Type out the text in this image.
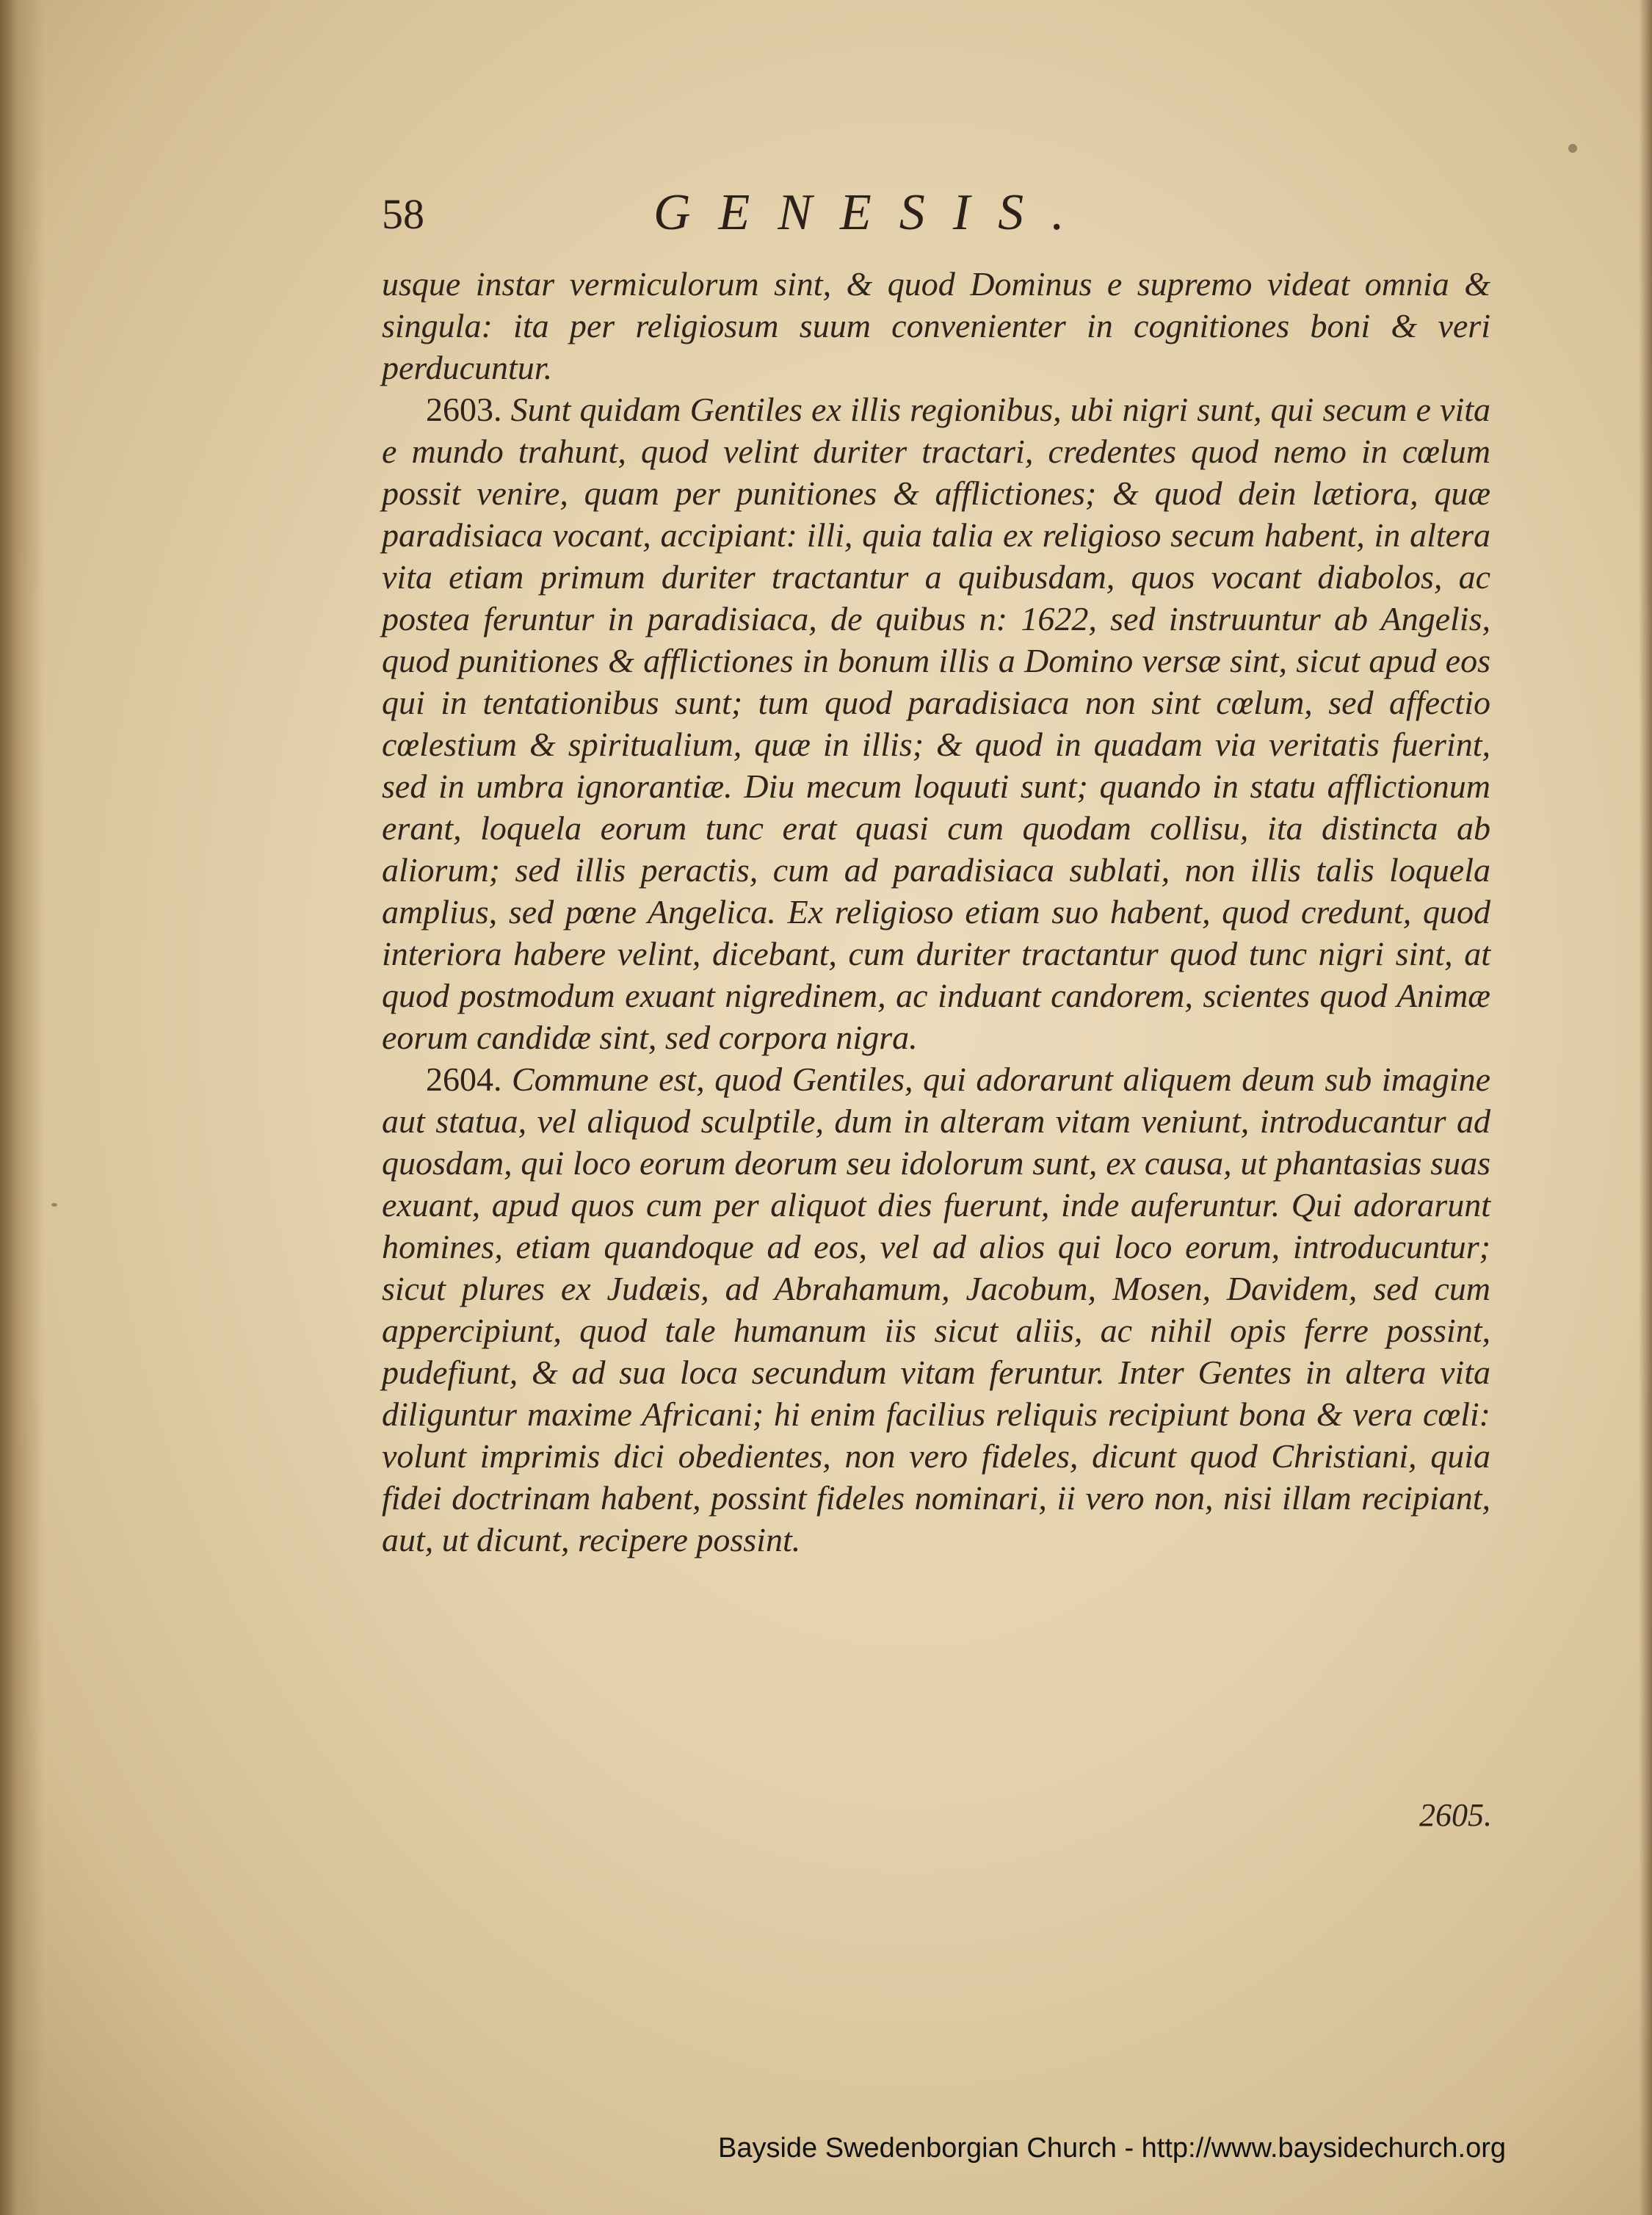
58	GENESIS.

usque instar vermiculorum sint, & quod Dominus e supremo videat omnia & singula: ita per religiosum suum convenienter in cognitiones boni & veri perducuntur.

2603. Sunt quidam Gentiles ex illis regionibus, ubi nigri sunt, qui secum e vita e mundo trahunt, quod velint duriter tractari, credentes quod nemo in cœlum possit venire, quam per punitiones & afflictiones; & quod dein lætiora, quæ paradisiaca vocant, accipiant: illi, quia talia ex religioso secum habent, in altera vita etiam primum duriter tractantur a quibusdam, quos vocant diabolos, ac postea feruntur in paradisiaca, de quibus n: 1622, sed instruuntur ab Angelis, quod punitiones & afflictiones in bonum illis a Domino versæ sint, sicut apud eos qui in tentationibus sunt; tum quod paradisiaca non sint cœlum, sed affectio cœlestium & spiritualium, quæ in illis; & quod in quadam via veritatis fuerint, sed in umbra ignorantiæ. Diu mecum loquuti sunt; quando in statu afflictionum erant, loquela eorum tunc erat quasi cum quodam collisu, ita distincta ab aliorum; sed illis peractis, cum ad paradisiaca sublati, non illis talis loquela amplius, sed pœne Angelica. Ex religioso etiam suo habent, quod credunt, quod interiora habere velint, dicebant, cum duriter tractantur quod tunc nigri sint, at quod postmodum exuant nigredinem, ac induant candorem, scientes quod Animæ eorum candidæ sint, sed corpora nigra.

2604. Commune est, quod Gentiles, qui adorarunt aliquem deum sub imagine aut statua, vel aliquod sculptile, dum in alteram vitam veniunt, introducantur ad quosdam, qui loco eorum deorum seu idolorum sunt, ex causa, ut phantasias suas exuant, apud quos cum per aliquot dies fuerunt, inde auferuntur. Qui adorarunt homines, etiam quandoque ad eos, vel ad alios qui loco eorum, introducuntur; sicut plures ex Judæis, ad Abrahamum, Jacobum, Mosen, Davidem, sed cum appercipiunt, quod tale humanum iis sicut aliis, ac nihil opis ferre possint, pudefiunt, & ad sua loca secundum vitam feruntur. Inter Gentes in altera vita diliguntur maxime Africani; hi enim facilius reliquis recipiunt bona & vera cœli: volunt imprimis dici obedientes, non vero fideles, dicunt quod Christiani, quia fidei doctrinam habent, possint fideles nominari, ii vero non, nisi illam recipiant, aut, ut dicunt, recipere possint.

2605.
Bayside Swedenborgian Church - http://www.baysidechurch.org
